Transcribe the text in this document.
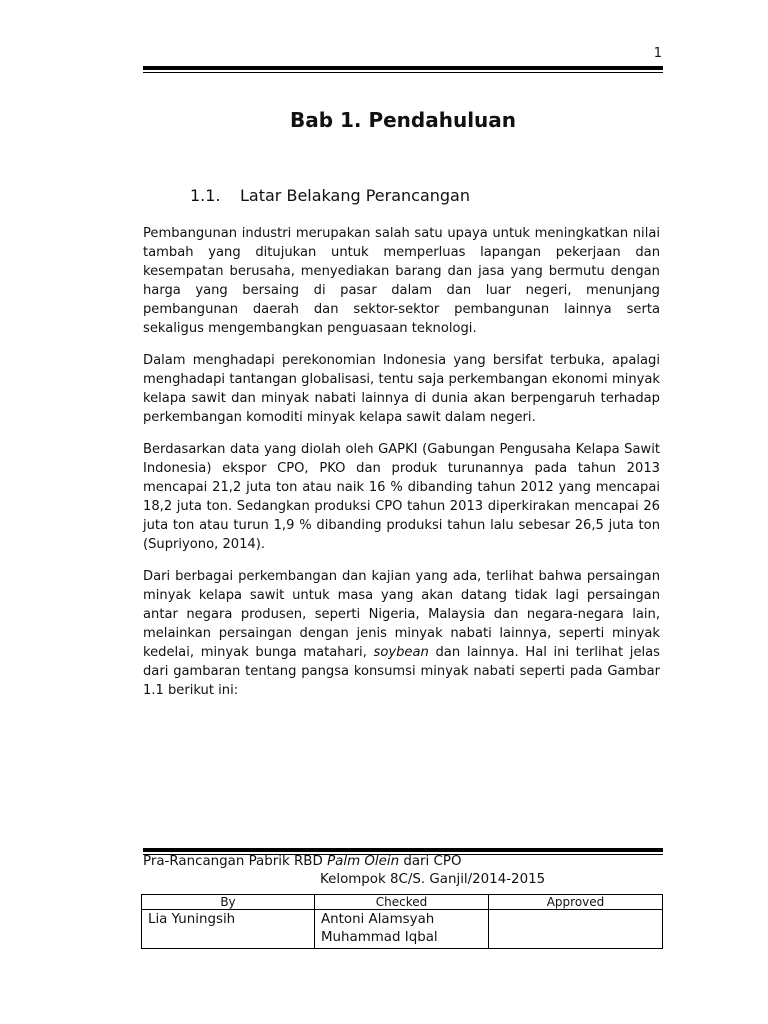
1
Bab 1. Pendahuluan
1.1. Latar Belakang Perancangan

Pembangunan industri merupakan salah satu upaya untuk meningkatkan nilai tambah yang ditujukan untuk memperluas lapangan pekerjaan dan kesempatan berusaha, menyediakan barang dan jasa yang bermutu dengan harga yang bersaing di pasar dalam dan luar negeri, menunjang pembangunan daerah dan sektor-sektor pembangunan lainnya serta sekaligus mengembangkan penguasaan teknologi.

Dalam menghadapi perekonomian Indonesia yang bersifat terbuka, apalagi menghadapi tantangan globalisasi, tentu saja perkembangan ekonomi minyak kelapa sawit dan minyak nabati lainnya di dunia akan berpengaruh terhadap perkembangan komoditi minyak kelapa sawit dalam negeri.

Berdasarkan data yang diolah oleh GAPKI (Gabungan Pengusaha Kelapa Sawit Indonesia) ekspor CPO, PKO dan produk turunannya pada tahun 2013 mencapai 21,2 juta ton atau naik 16 % dibanding tahun 2012 yang mencapai 18,2 juta ton. Sedangkan produksi CPO tahun 2013 diperkirakan mencapai 26 juta ton atau turun 1,9 % dibanding produksi tahun lalu sebesar 26,5 juta ton (Supriyono, 2014).

Dari berbagai perkembangan dan kajian yang ada, terlihat bahwa persaingan minyak kelapa sawit untuk masa yang akan datang tidak lagi persaingan antar negara produsen, seperti Nigeria, Malaysia dan negara-negara lain, melainkan persaingan dengan jenis minyak nabati lainnya, seperti minyak kedelai, minyak bunga matahari, soybean dan lainnya. Hal ini terlihat jelas dari gambaran tentang pangsa konsumsi minyak nabati seperti pada Gambar 1.1 berikut ini:

Pra-Rancangan Pabrik RBD Palm Olein dari CPO
Kelompok 8C/S. Ganjil/2014-2015
By	Checked	Approved
Lia Yuningsih	Antoni Alamsyah
Muhammad Iqbal	
